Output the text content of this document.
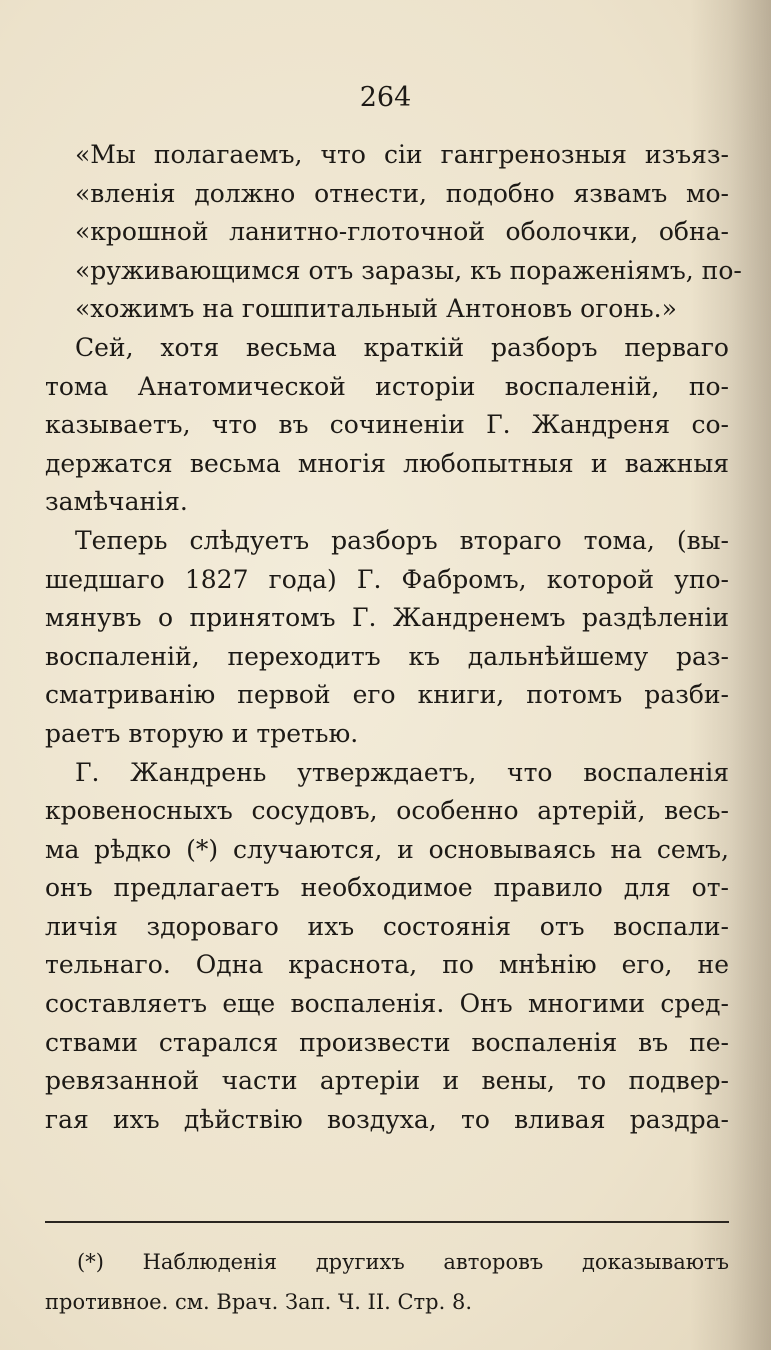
264
«Мы полагаемъ, что сіи гангренозныя изъяз-
«вленія должно отнести, подобно язвамъ мо-
«крошной ланитно-глоточной оболочки, обна-
«руживающимся отъ заразы, къ пораженіямъ, по-
«хожимъ на гошпитальный Антоновъ огонь.»
Сей, хотя весьма краткій разборъ перваго
тома Анатомической исторіи воспаленій, по-
казываетъ, что въ сочиненіи Г. Жандреня со-
держатся весьма многія любопытныя и важныя
замѣчанія.
Теперь слѣдуетъ разборъ втораго тома, (вы-
шедшаго 1827 года) Г. Фабромъ, которой упо-
мянувъ о принятомъ Г. Жандренемъ раздѣленіи
воспаленій, переходитъ къ дальнѣйшему раз-
сматриванію первой его книги, потомъ разби-
раетъ вторую и третью.
Г. Жандрень утверждаетъ, что воспаленія
кровеносныхъ сосудовъ, особенно артерій, весь-
ма рѣдко (*) случаются, и основываясь на семъ,
онъ предлагаетъ необходимое правило для от-
личія здороваго ихъ состоянія отъ воспали-
тельнаго. Одна краснота, по мнѣнію его, не
составляетъ еще воспаленія. Онъ многими сред-
ствами старался произвести воспаленія въ пе-
ревязанной части артеріи и вены, то подвер-
гая ихъ дѣйствію воздуха, то вливая раздра-
(*) Наблюденія другихъ авторовъ доказываютъ
противное. см. Врач. Зап. Ч. II. Стр. 8.
